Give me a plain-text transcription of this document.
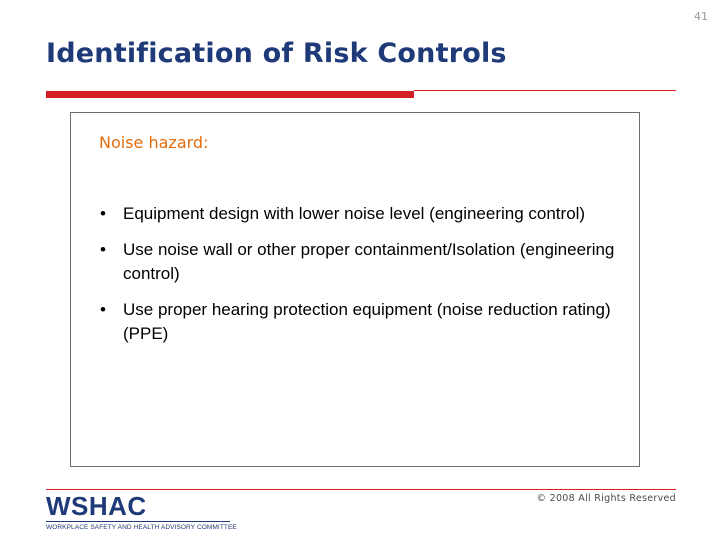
41
Identification of Risk Controls
Noise hazard:
• Equipment design with lower noise level (engineering control)
• Use noise wall or other proper containment/Isolation (engineering control)
• Use proper hearing protection equipment (noise reduction rating) (PPE)
WSHAC
WORKPLACE SAFETY AND HEALTH ADVISORY COMMITTEE
© 2008 All Rights Reserved
